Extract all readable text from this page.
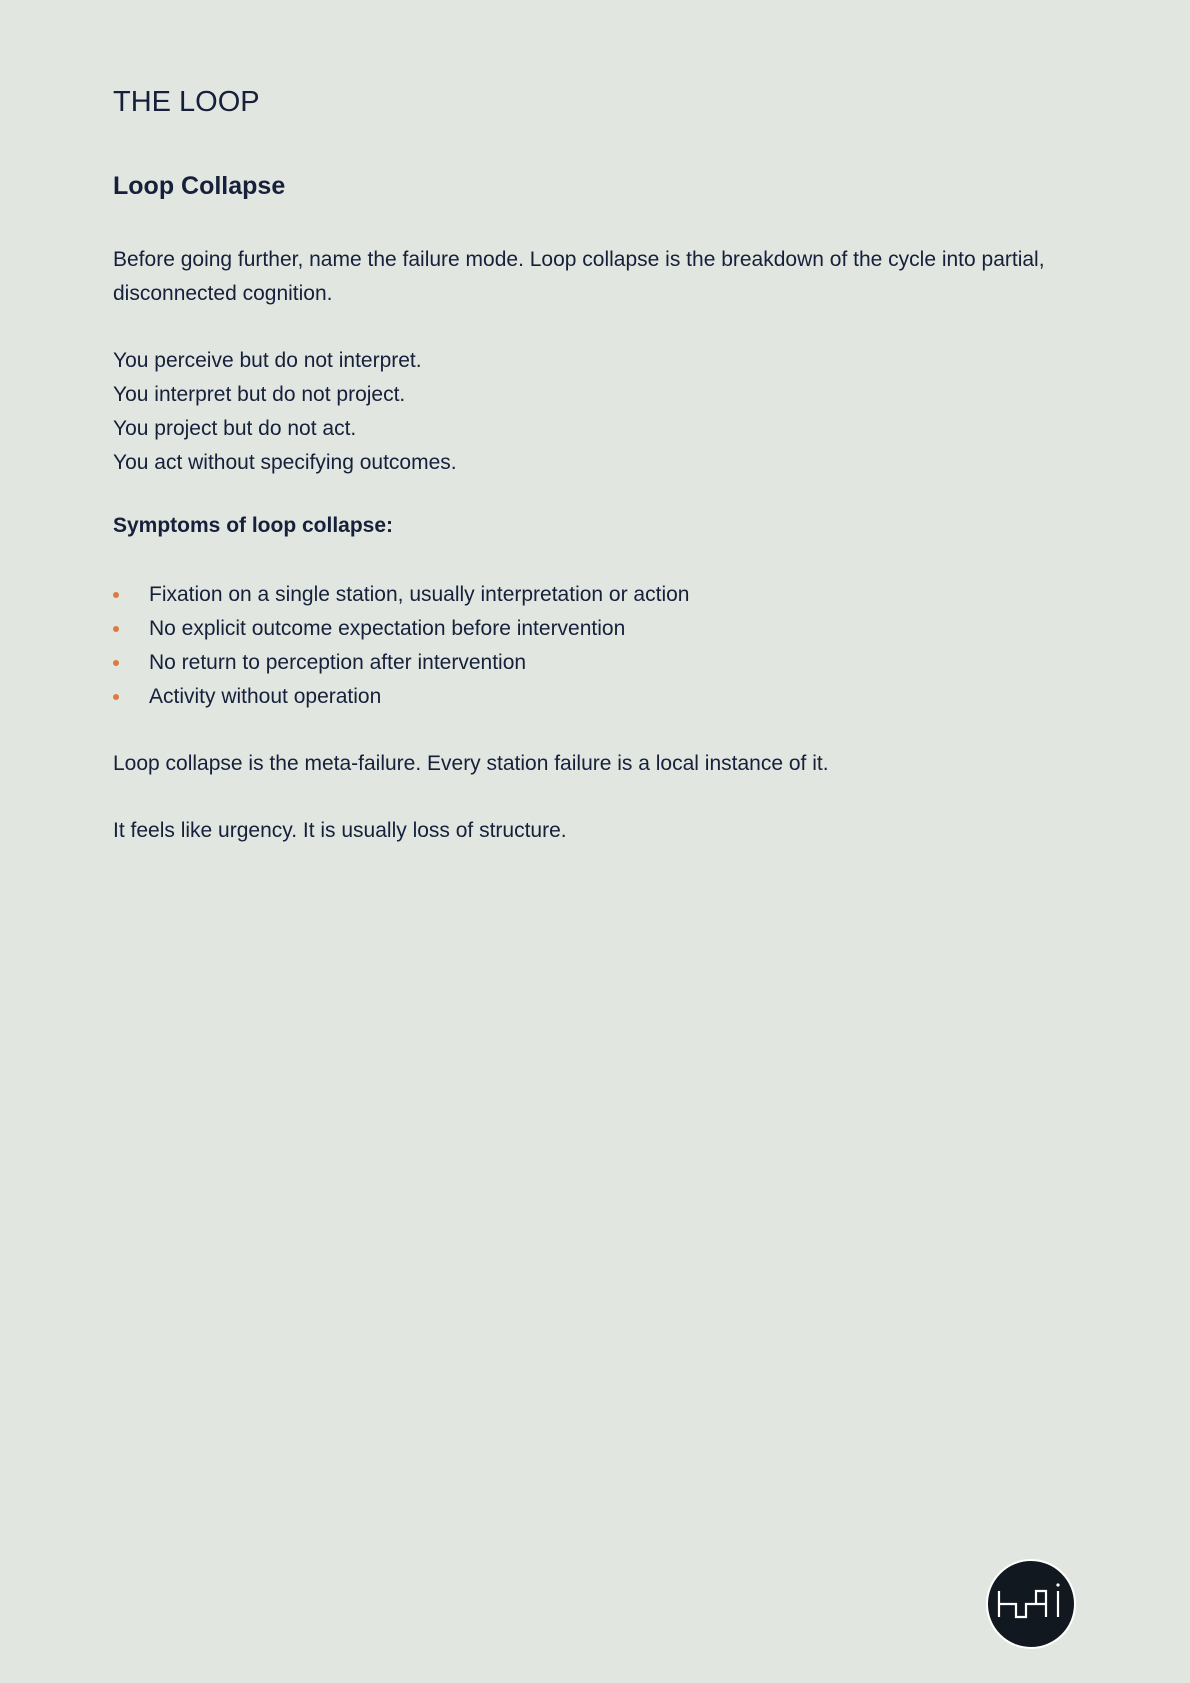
THE LOOP
Loop Collapse

Before going further, name the failure mode. Loop collapse is the breakdown of the cycle into partial, disconnected cognition.

You perceive but do not interpret.

You interpret but do not project.

You project but do not act.

You act without specifying outcomes.

Symptoms of loop collapse:
Fixation on a single station, usually interpretation or action
No explicit outcome expectation before intervention
No return to perception after intervention
Activity without operation

Loop collapse is the meta-failure. Every station failure is a local instance of it.

It feels like urgency. It is usually loss of structure.
